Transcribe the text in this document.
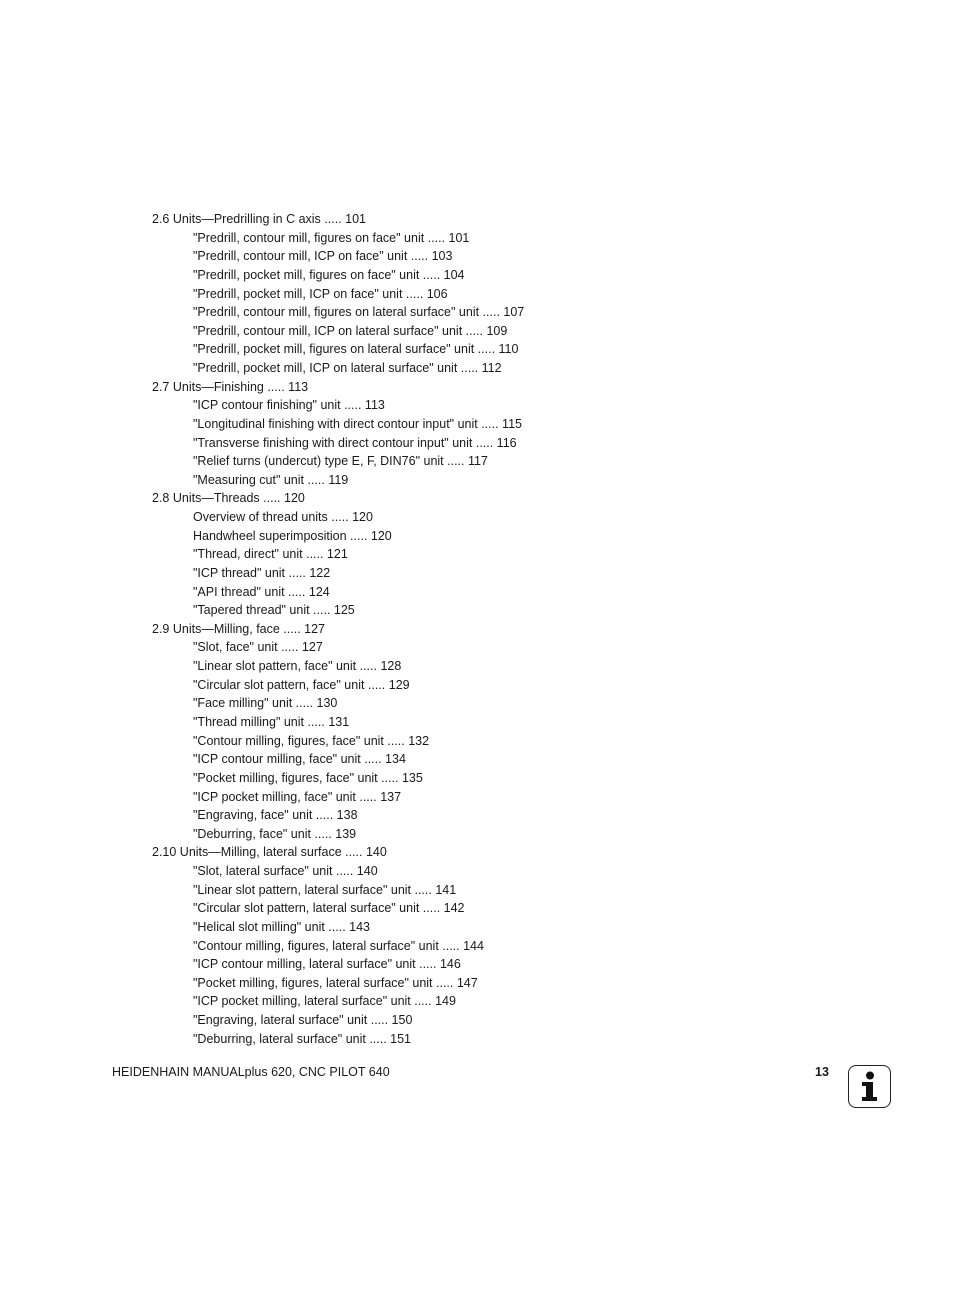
2.6 Units—Predrilling in C axis ..... 101
"Predrill, contour mill, figures on face" unit ..... 101
"Predrill, contour mill, ICP on face" unit ..... 103
"Predrill, pocket mill, figures on face" unit ..... 104
"Predrill, pocket mill, ICP on face" unit ..... 106
"Predrill, contour mill, figures on lateral surface" unit ..... 107
"Predrill, contour mill, ICP on lateral surface" unit ..... 109
"Predrill, pocket mill, figures on lateral surface" unit ..... 110
"Predrill, pocket mill, ICP on lateral surface" unit ..... 112
2.7 Units—Finishing ..... 113
"ICP contour finishing" unit ..... 113
"Longitudinal finishing with direct contour input" unit ..... 115
"Transverse finishing with direct contour input" unit ..... 116
"Relief turns (undercut) type E, F, DIN76" unit ..... 117
"Measuring cut" unit ..... 119
2.8 Units—Threads ..... 120
Overview of thread units ..... 120
Handwheel superimposition ..... 120
"Thread, direct" unit ..... 121
"ICP thread" unit ..... 122
"API thread" unit ..... 124
"Tapered thread" unit ..... 125
2.9 Units—Milling, face ..... 127
"Slot, face" unit ..... 127
"Linear slot pattern, face" unit ..... 128
"Circular slot pattern, face" unit ..... 129
"Face milling" unit ..... 130
"Thread milling" unit ..... 131
"Contour milling, figures, face" unit ..... 132
"ICP contour milling, face" unit ..... 134
"Pocket milling, figures, face" unit ..... 135
"ICP pocket milling, face" unit ..... 137
"Engraving, face" unit ..... 138
"Deburring, face" unit ..... 139
2.10 Units—Milling, lateral surface ..... 140
"Slot, lateral surface" unit ..... 140
"Linear slot pattern, lateral surface" unit ..... 141
"Circular slot pattern, lateral surface" unit ..... 142
"Helical slot milling" unit ..... 143
"Contour milling, figures, lateral surface" unit ..... 144
"ICP contour milling, lateral surface" unit ..... 146
"Pocket milling, figures, lateral surface" unit ..... 147
"ICP pocket milling, lateral surface" unit ..... 149
"Engraving, lateral surface" unit ..... 150
"Deburring, lateral surface" unit ..... 151
HEIDENHAIN MANUALplus 620, CNC PILOT 640	13
